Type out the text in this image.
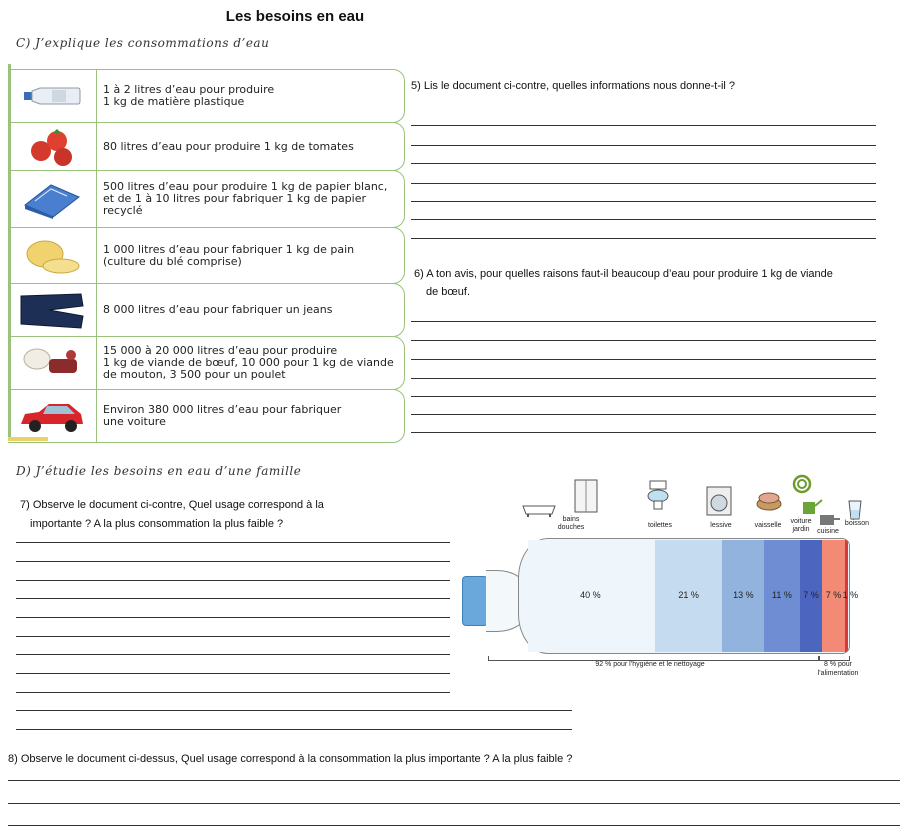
Les besoins en eau
C) J’explique les consommations d’eau
1 à 2 litres d’eau pour produire
1 kg de matière plastique
80 litres d’eau pour produire 1 kg de tomates
500 litres d’eau pour produire 1 kg de papier blanc,
et de 1 à 10 litres pour fabriquer 1 kg de papier
recyclé
1 000 litres d’eau pour fabriquer 1 kg de pain
(culture du blé comprise)
8 000 litres d’eau pour fabriquer un jeans
15 000 à 20 000 litres d’eau pour produire
1 kg de viande de bœuf, 10 000 pour 1 kg de viande
de mouton, 3 500 pour un poulet
Environ 380 000 litres d’eau pour fabriquer
une voiture
5) Lis le document ci-contre, quelles informations nous donne-t-il ?
6) A ton avis, pour quelles raisons faut-il beaucoup d’eau pour produire 1 kg de viande
de bœuf.
D) J’étudie les besoins en eau d’une famille
7) Observe le document ci-contre, Quel usage correspond à la
importante ? A la plus consommation la plus faible ?
40 %	21 %	13 %	11 %	7 % 7 % 1 %
bains
douches	toilettes	lessive	vaisselle
voiture
jardin	cuisine
boisson
92 % pour l’hygiène et le nettoyage	8 % pour
l’alimentation
8) Observe le document ci-dessus, Quel usage correspond à la consommation la plus importante ? A la plus faible ?
